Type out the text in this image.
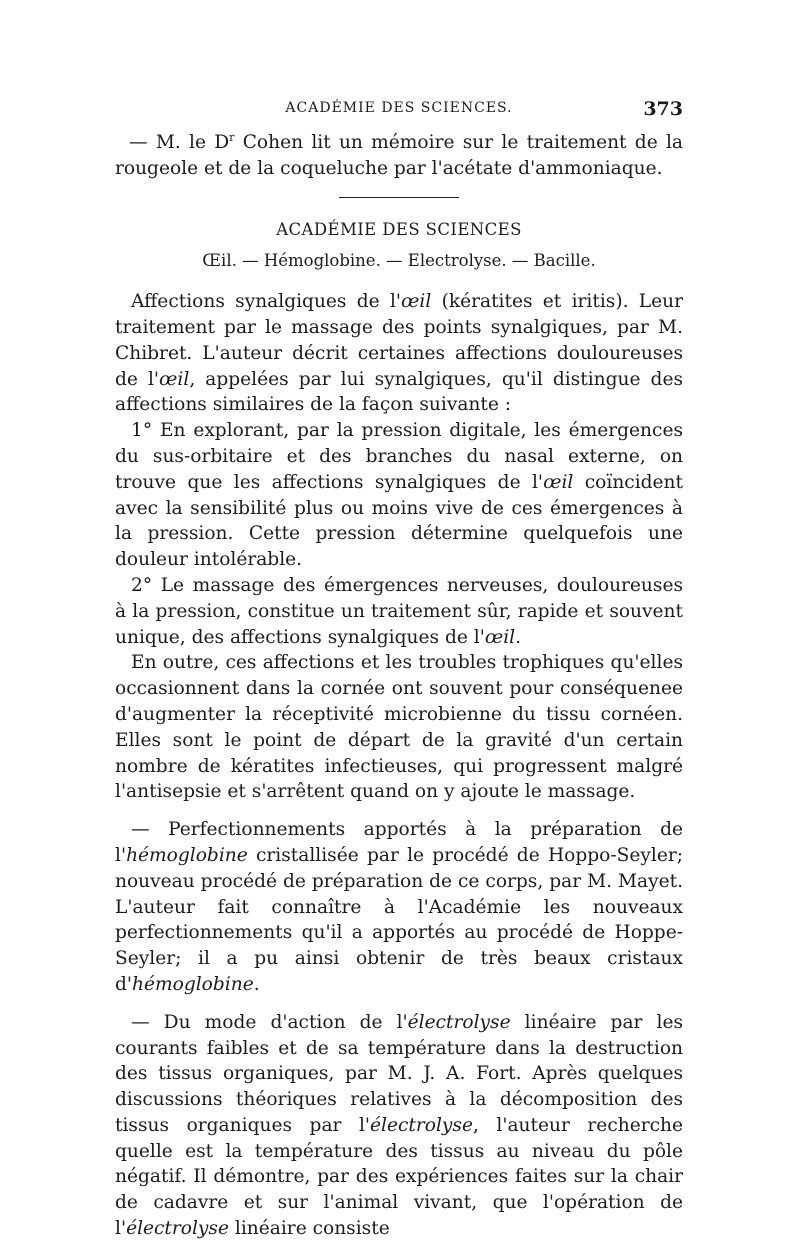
ACADÉMIE DES SCIENCES.	373

— M. le $D^r$ Cohen lit un mémoire sur le traitement de la rougeole et de la coqueluche par l'acétate d'ammoniaque.

ACADÉMIE DES SCIENCES
Œil. — Hémoglobine. — Electrolyse. — Bacille.

Affections synalgiques de l'œil (kératites et iritis). Leur traitement par le massage des points synalgiques, par M. Chibret. L'auteur décrit certaines affections douloureuses de l'œil, appelées par lui synalgiques, qu'il distingue des affections similaires de la façon suivante :

1° En explorant, par la pression digitale, les émergences du sus-orbitaire et des branches du nasal externe, on trouve que les affections synalgiques de l'œil coïncident avec la sensibilité plus ou moins vive de ces émergences à la pression. Cette pression détermine quelquefois une douleur intolérable.

2° Le massage des émergences nerveuses, douloureuses à la pression, constitue un traitement sûr, rapide et souvent unique, des affections synalgiques de l'œil.

En outre, ces affections et les troubles trophiques qu'elles occasionnent dans la cornée ont souvent pour conséquenee d'augmenter la réceptivité microbienne du tissu cornéen. Elles sont le point de départ de la gravité d'un certain nombre de kératites infectieuses, qui progressent malgré l'antisepsie et s'arrêtent quand on y ajoute le massage.

— Perfectionnements apportés à la préparation de l'hémoglobine cristallisée par le procédé de Hoppo-Seyler; nouveau procédé de préparation de ce corps, par M. Mayet. L'auteur fait connaître à l'Académie les nouveaux perfectionnements qu'il a apportés au procédé de Hoppe-Seyler; il a pu ainsi obtenir de très beaux cristaux d'hémoglobine.

— Du mode d'action de l'électrolyse linéaire par les courants faibles et de sa température dans la destruction des tissus organiques, par M. J. A. Fort. Après quelques discussions théoriques relatives à la décomposition des tissus organiques par l'électrolyse, l'auteur recherche quelle est la température des tissus au niveau du pôle négatif. Il démontre, par des expériences faites sur la chair de cadavre et sur l'animal vivant, que l'opération de l'électrolyse linéaire consiste
